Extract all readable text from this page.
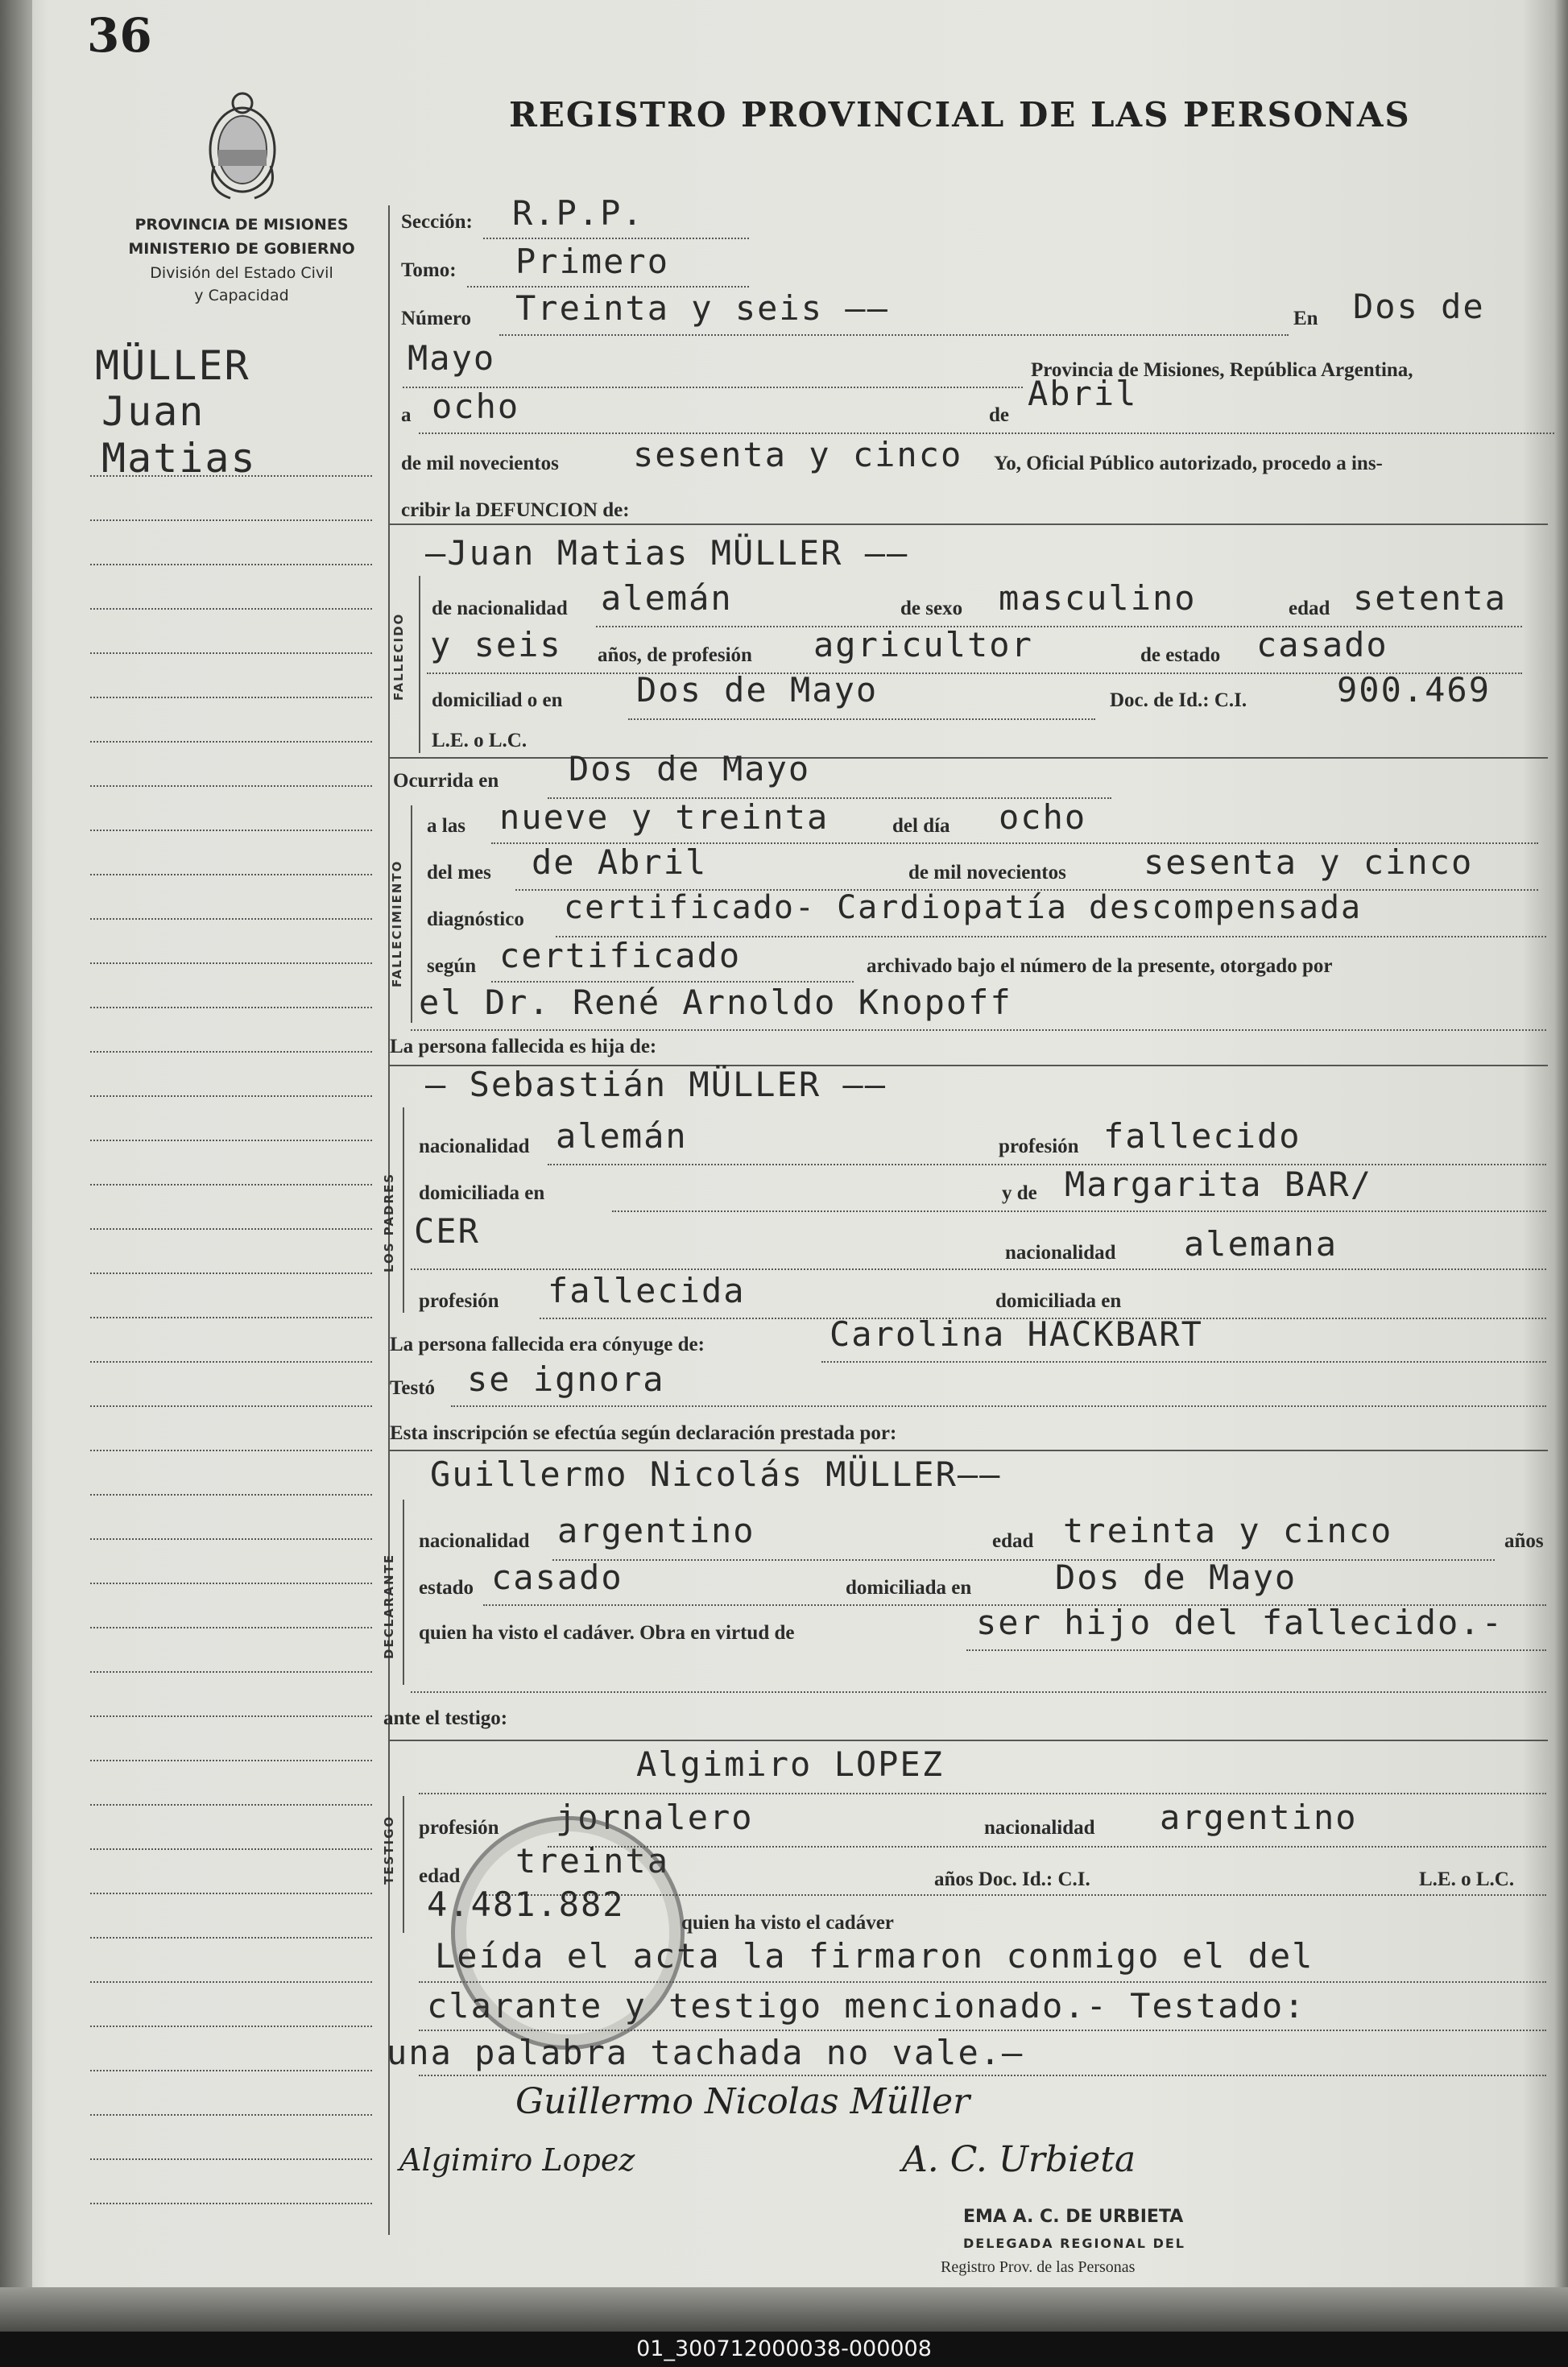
36
REGISTRO PROVINCIAL DE LAS PERSONAS
PROVINCIA DE MISIONES
MINISTERIO DE GOBIERNO
División del Estado Civil
y Capacidad
MÜLLER
Juan
Matias
Sección: R.P.P.
Tomo: Primero
Número Treinta y seis ——	En Dos de
Mayo	Provincia de Misiones, República Argentina,
a ocho	de
Abril
de mil novecientos sesenta y cinco Yo, Oficial Público autorizado, procedo a ins-
cribir la DEFUNCION de:
—Juan Matias MÜLLER ——
FALLECIDO
de nacionalidad alemán	de sexo masculino	edad setenta
y seis años, de profesión agricultor	de estado casado
domiciliad o en Dos de Mayo	Doc. de Id.: C.I.	900.469
L.E. o L.C.
Ocurrida en Dos de Mayo
FALLECIMIENTO
a las nueve y treinta	del día ocho
del mes de Abril	de mil novecientos sesenta y cinco
diagnóstico certificado- Cardiopatía descompensada
según certificado	archivado bajo el número de la presente, otorgado por
el Dr. René Arnoldo Knopoff
La persona fallecida es hija de:
— Sebastián MÜLLER ——
LOS PADRES
nacionalidad alemán	profesión fallecido
domiciliada en	y de Margarita BAR/
CER
nacionalidad alemana
profesión fallecida	domiciliada en
La persona fallecida era cónyuge de:	Carolina HACKBART
Testó se ignora
Esta inscripción se efectúa según declaración prestada por:
Guillermo Nicolás MÜLLER——
DECLARANTE
nacionalidad argentino	edad treinta y cinco	años
estado casado	domiciliada en Dos de Mayo
quien ha visto el cadáver. Obra en virtud de	ser hijo del fallecido.-
ante el testigo:
Algimiro LOPEZ
TESTIGO profesión jornalero	nacionalidad argentino
edad treinta	años Doc. Id.: C.I.	L.E. o L.C.
4.481.882	quien ha visto el cadáver
Leída el acta la firmaron conmigo el del
clarante y testigo mencionado.- Testado:
una palabra tachada no vale.—
Guillermo Nicolas Müller
Algimiro Lopez	A. C. Urbieta
EMA A. C. DE URBIETA
DELEGADA REGIONAL DEL
Registro Prov. de las Personas
01_300712000038-000008
